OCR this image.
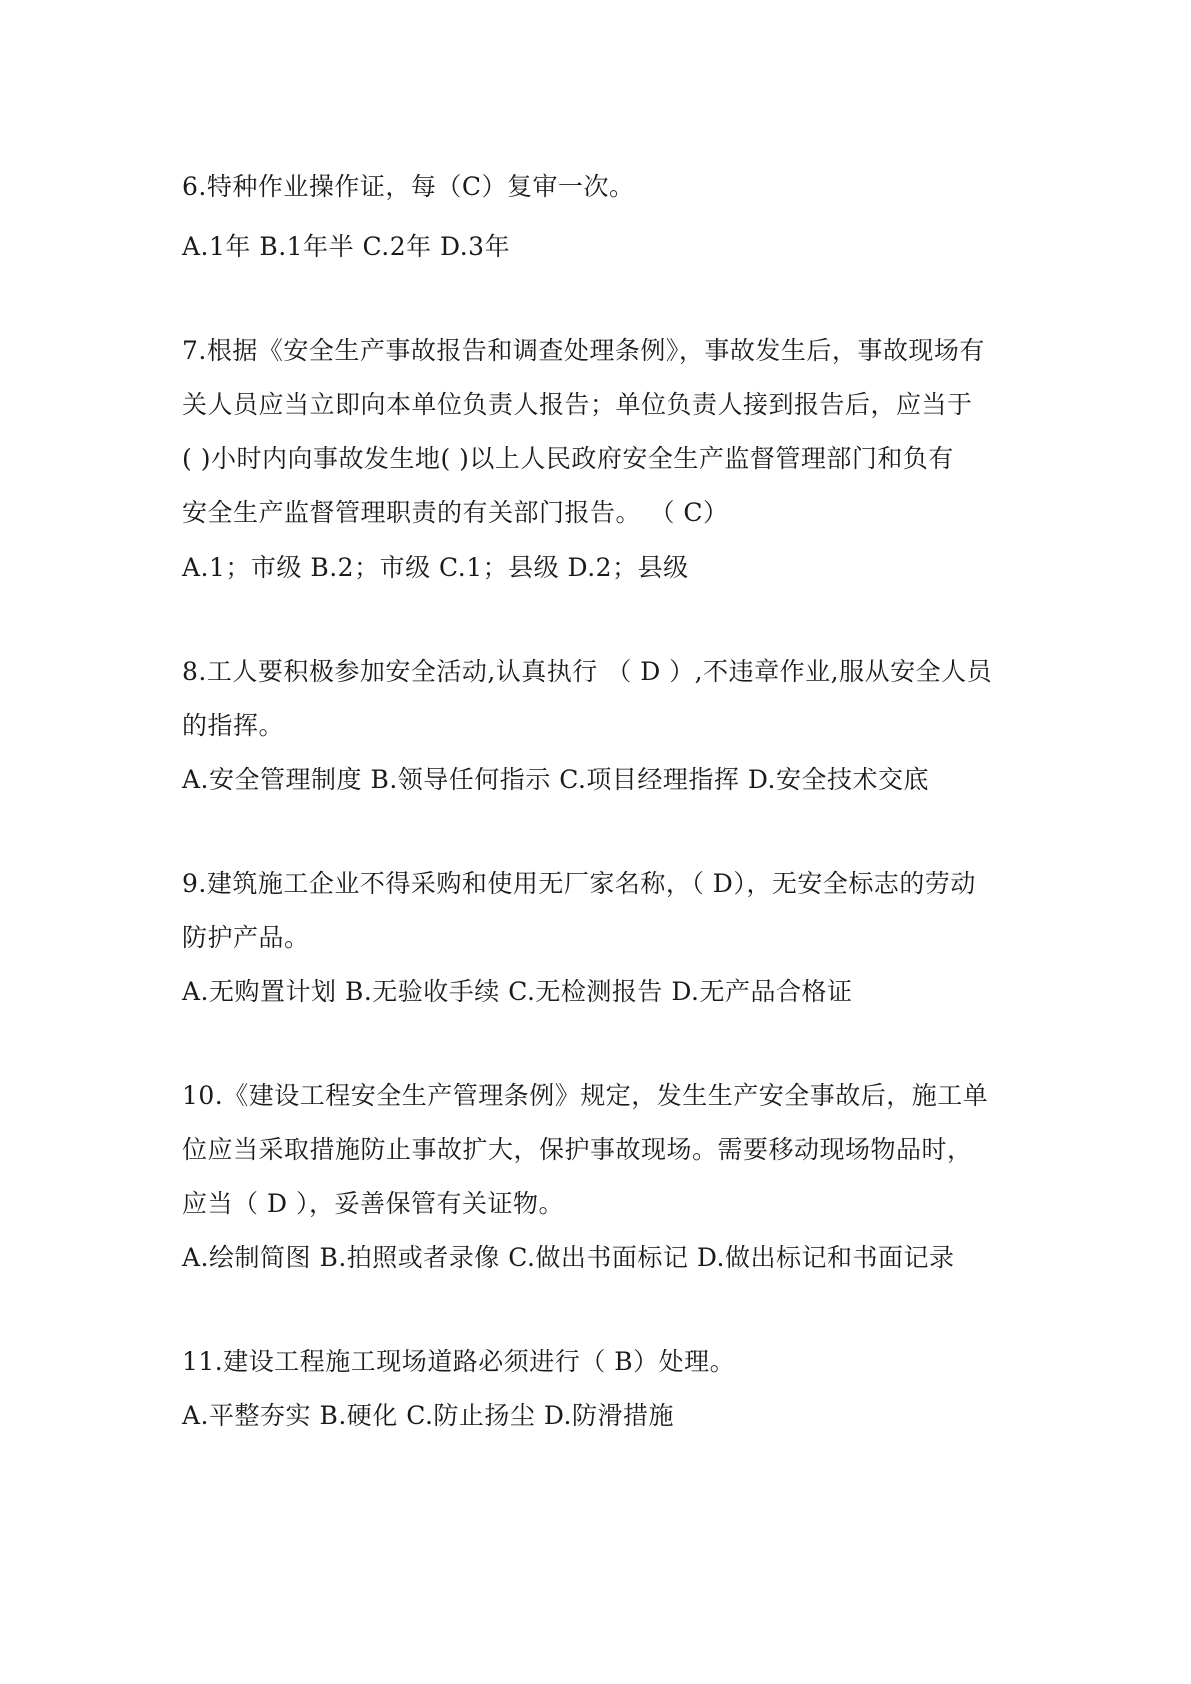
6.特种作业操作证，每（C）复审一次。
A.1年 B.1年半 C.2年 D.3年
7.根据《安全生产事故报告和调查处理条例》，事故发生后，事故现场有
关人员应当立即向本单位负责人报告；单位负责人接到报告后，应当于
( )小时内向事故发生地( )以上人民政府安全生产监督管理部门和负有
安全生产监督管理职责的有关部门报告。 （ C）
A.1；市级 B.2；市级 C.1；县级 D.2；县级
8.工人要积极参加安全活动,认真执行 （ D ）,不违章作业,服从安全人员
的指挥。
A.安全管理制度 B.领导任何指示 C.项目经理指挥 D.安全技术交底
9.建筑施工企业不得采购和使用无厂家名称，（ D），无安全标志的劳动
防护产品。
A.无购置计划 B.无验收手续 C.无检测报告 D.无产品合格证
10.《建设工程安全生产管理条例》规定，发生生产安全事故后，施工单
位应当采取措施防止事故扩大，保护事故现场。需要移动现场物品时，
应当（ D ），妥善保管有关证物。
A.绘制简图 B.拍照或者录像 C.做出书面标记 D.做出标记和书面记录
11.建设工程施工现场道路必须进行（ B）处理。
A.平整夯实 B.硬化 C.防止扬尘 D.防滑措施
